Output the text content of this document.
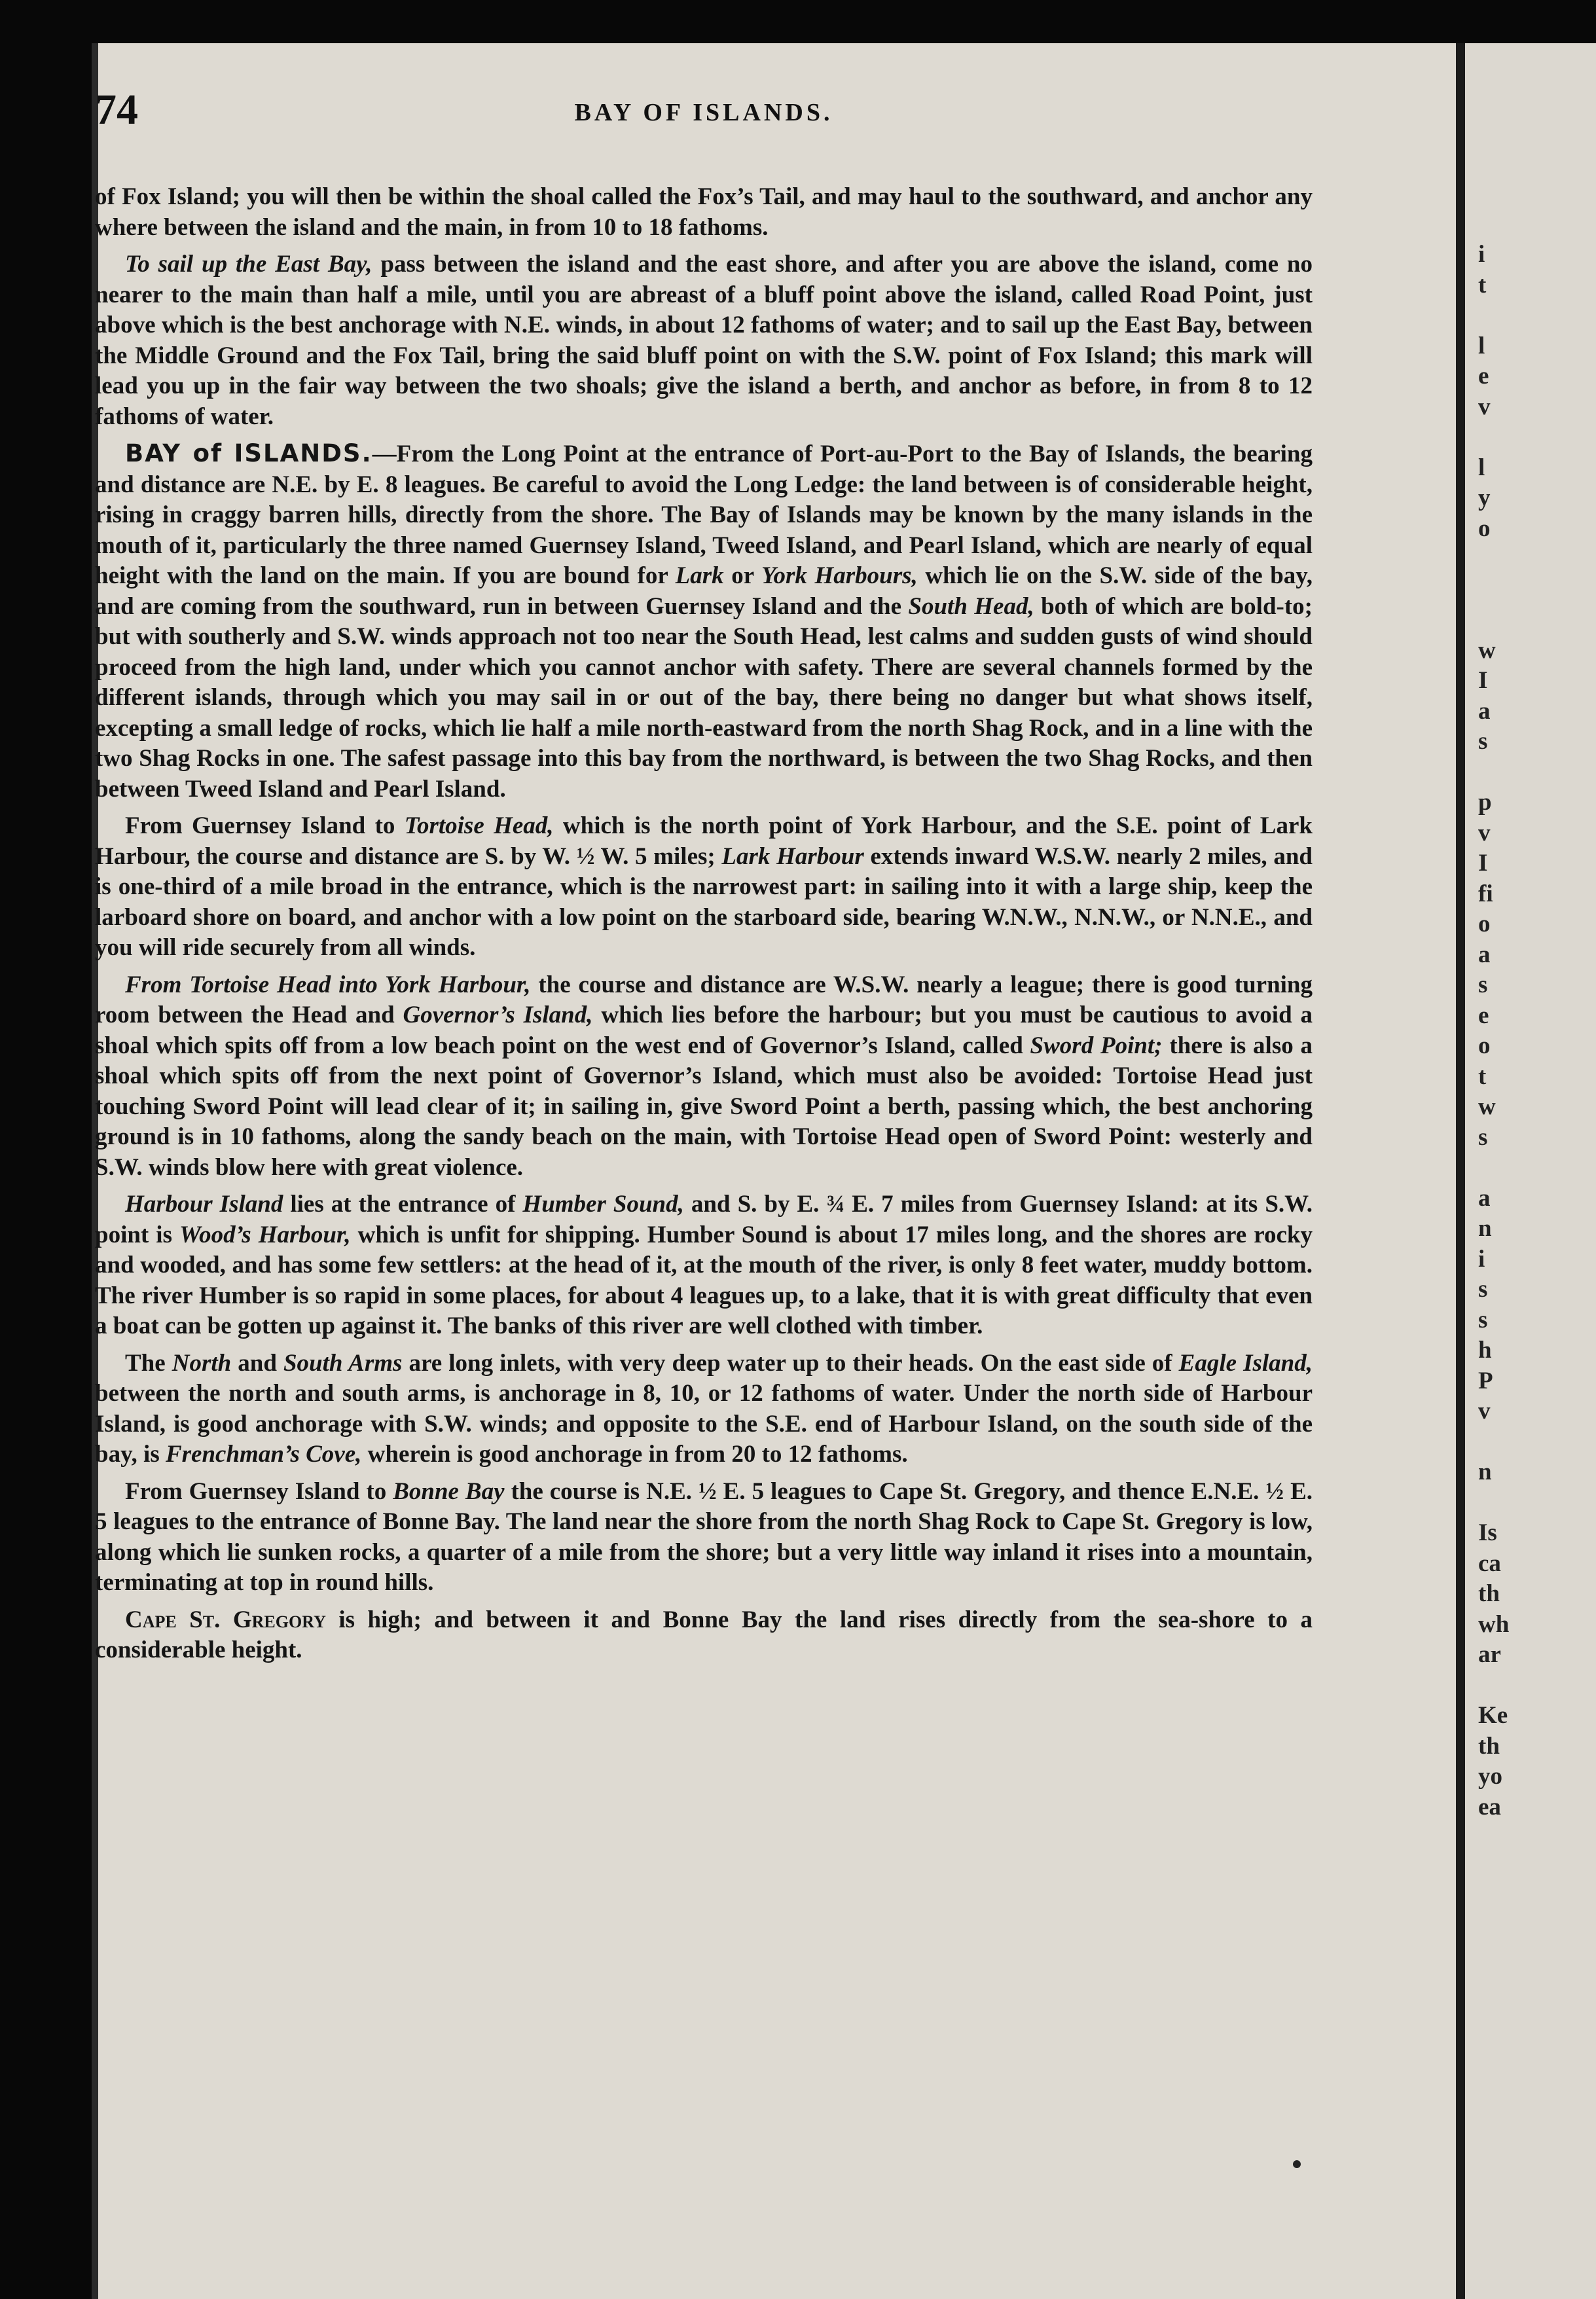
i
t
l
e
v
l
y
o
w
I
a
s
p
v
I
fi
o
a
s
e
o
t
w
s
a
n
i
s
s
h
P
v
n
Is
ca
th
wh
ar
Ke
th
yo
ea
74	BAY OF ISLANDS.

of Fox Island; you will then be within the shoal called the Fox’s Tail, and may haul to the southward, and anchor any where between the island and the main, in from 10 to 18 fathoms.

To sail up the East Bay, pass between the island and the east shore, and after you are above the island, come no nearer to the main than half a mile, until you are abreast of a bluff point above the island, called Road Point, just above which is the best anchorage with N.E. winds, in about 12 fathoms of water; and to sail up the East Bay, between the Middle Ground and the Fox Tail, bring the said bluff point on with the S.W. point of Fox Island; this mark will lead you up in the fair way between the two shoals; give the island a berth, and anchor as before, in from 8 to 12 fathoms of water.

BAY of ISLANDS.—From the Long Point at the entrance of Port-au-Port to the Bay of Islands, the bearing and distance are N.E. by E. 8 leagues. Be careful to avoid the Long Ledge: the land between is of considerable height, rising in craggy barren hills, directly from the shore. The Bay of Islands may be known by the many islands in the mouth of it, particularly the three named Guernsey Island, Tweed Island, and Pearl Island, which are nearly of equal height with the land on the main. If you are bound for Lark or York Harbours, which lie on the S.W. side of the bay, and are coming from the southward, run in between Guernsey Island and the South Head, both of which are bold-to; but with southerly and S.W. winds approach not too near the South Head, lest calms and sudden gusts of wind should proceed from the high land, under which you cannot anchor with safety. There are several channels formed by the different islands, through which you may sail in or out of the bay, there being no danger but what shows itself, excepting a small ledge of rocks, which lie half a mile north-eastward from the north Shag Rock, and in a line with the two Shag Rocks in one. The safest passage into this bay from the northward, is between the two Shag Rocks, and then between Tweed Island and Pearl Island.

From Guernsey Island to Tortoise Head, which is the north point of York Harbour, and the S.E. point of Lark Harbour, the course and distance are S. by W. ½ W. 5 miles; Lark Harbour extends inward W.S.W. nearly 2 miles, and is one-third of a mile broad in the entrance, which is the narrowest part: in sailing into it with a large ship, keep the larboard shore on board, and anchor with a low point on the starboard side, bearing W.N.W., N.N.W., or N.N.E., and you will ride securely from all winds.

From Tortoise Head into York Harbour, the course and distance are W.S.W. nearly a league; there is good turning room between the Head and Governor’s Island, which lies before the harbour; but you must be cautious to avoid a shoal which spits off from a low beach point on the west end of Governor’s Island, called Sword Point; there is also a shoal which spits off from the next point of Governor’s Island, which must also be avoided: Tortoise Head just touching Sword Point will lead clear of it; in sailing in, give Sword Point a berth, passing which, the best anchoring ground is in 10 fathoms, along the sandy beach on the main, with Tortoise Head open of Sword Point: westerly and S.W. winds blow here with great violence.

Harbour Island lies at the entrance of Humber Sound, and S. by E. ¾ E. 7 miles from Guernsey Island: at its S.W. point is Wood’s Harbour, which is unfit for shipping. Humber Sound is about 17 miles long, and the shores are rocky and wooded, and has some few settlers: at the head of it, at the mouth of the river, is only 8 feet water, muddy bottom. The river Humber is so rapid in some places, for about 4 leagues up, to a lake, that it is with great difficulty that even a boat can be gotten up against it. The banks of this river are well clothed with timber.

The North and South Arms are long inlets, with very deep water up to their heads. On the east side of Eagle Island, between the north and south arms, is anchorage in 8, 10, or 12 fathoms of water. Under the north side of Harbour Island, is good anchorage with S.W. winds; and opposite to the S.E. end of Harbour Island, on the south side of the bay, is Frenchman’s Cove, wherein is good anchorage in from 20 to 12 fathoms.

From Guernsey Island to Bonne Bay the course is N.E. ½ E. 5 leagues to Cape St. Gregory, and thence E.N.E. ½ E. 5 leagues to the entrance of Bonne Bay. The land near the shore from the north Shag Rock to Cape St. Gregory is low, along which lie sunken rocks, a quarter of a mile from the shore; but a very little way inland it rises into a mountain, terminating at top in round hills.

Cape St. Gregory is high; and between it and Bonne Bay the land rises directly from the sea-shore to a considerable height.
